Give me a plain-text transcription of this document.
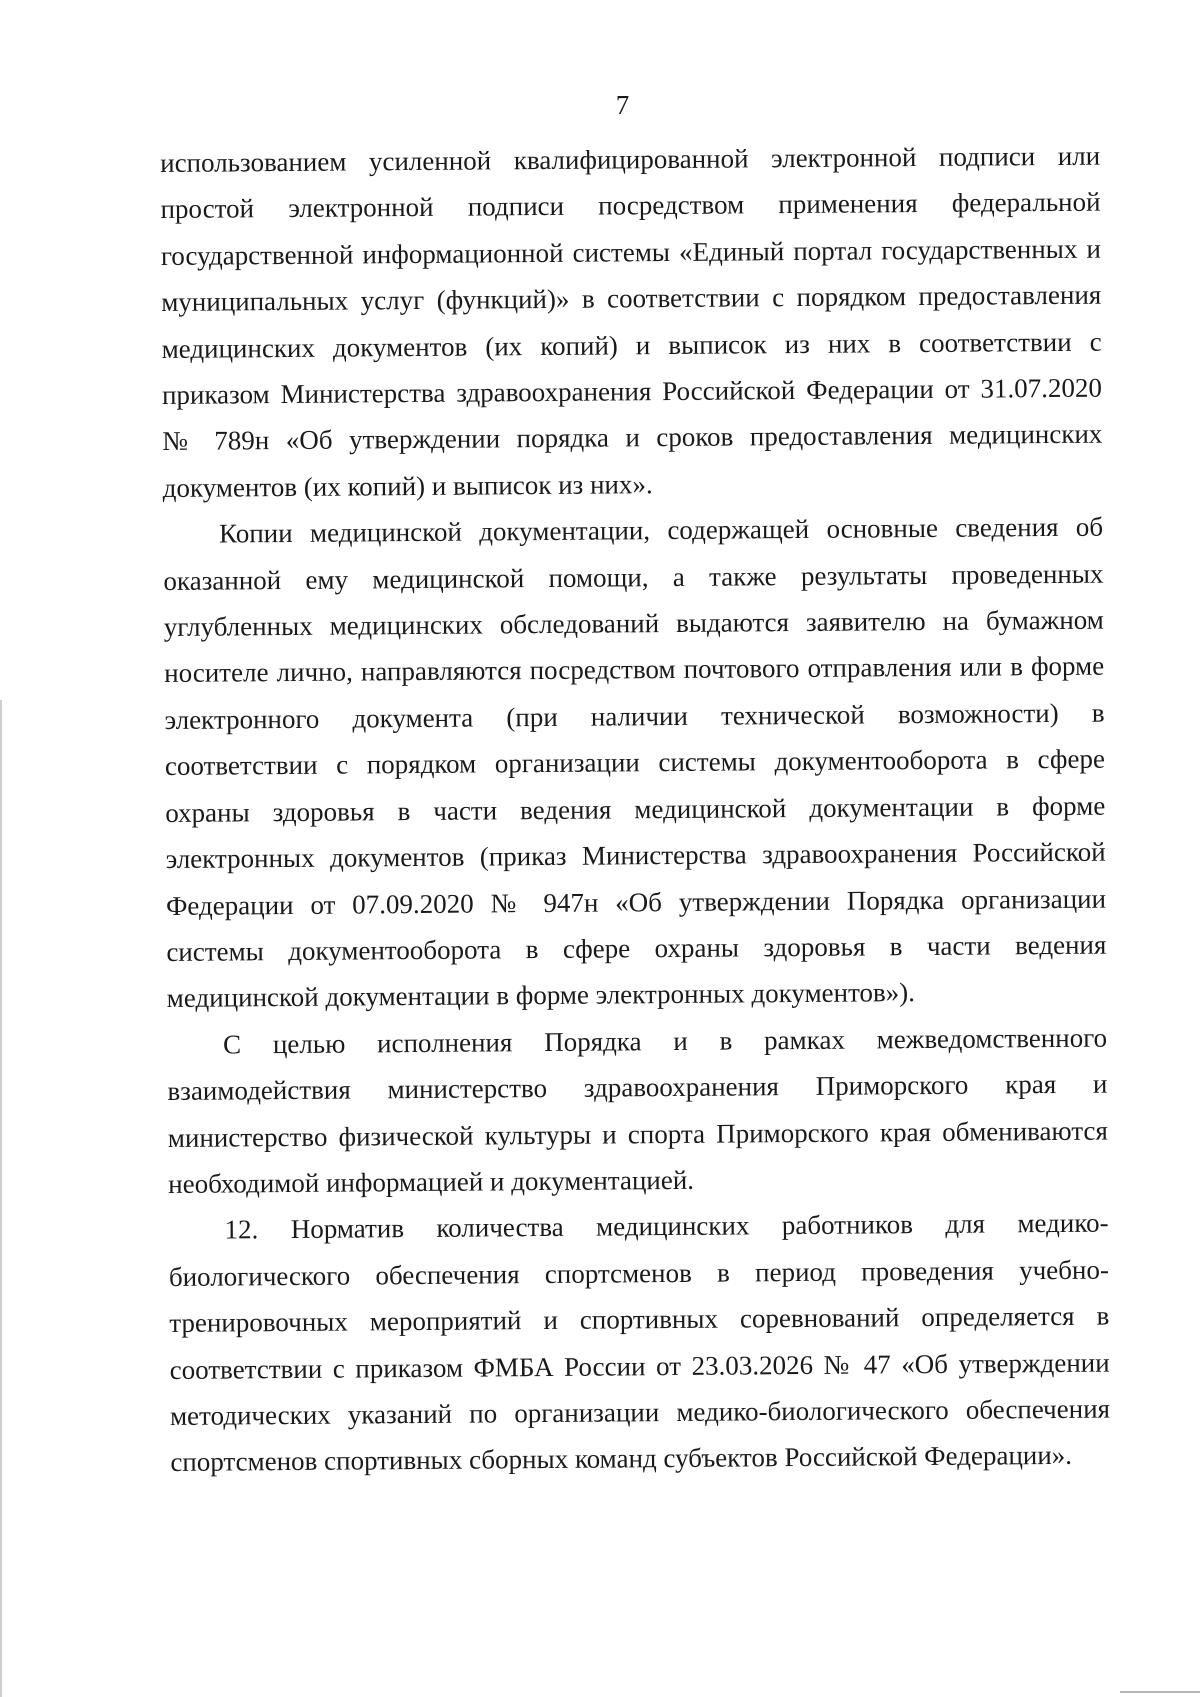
7

использованием усиленной квалифицированной электронной подписи или простой электронной подписи посредством применения федеральной государственной информационной системы «Единый портал государственных и муниципальных услуг (функций)» в соответствии с порядком предоставления медицинских документов (их копий) и выписок из них в соответствии с приказом Министерства здравоохранения Российской Федерации от 31.07.2020 № 789н «Об утверждении порядка и сроков предоставления медицинских документов (их копий) и выписок из них».

Копии медицинской документации, содержащей основные сведения об оказанной ему медицинской помощи, а также результаты проведенных углубленных медицинских обследований выдаются заявителю на бумажном носителе лично, направляются посредством почтового отправления или в форме электронного документа (при наличии технической возможности) в соответствии с порядком организации системы документооборота в сфере охраны здоровья в части ведения медицинской документации в форме электронных документов (приказ Министерства здравоохранения Российской Федерации от 07.09.2020 № 947н «Об утверждении Порядка организации системы документооборота в сфере охраны здоровья в части ведения медицинской документации в форме электронных документов»).

С целью исполнения Порядка и в рамках межведомственного взаимодействия министерство здравоохранения Приморского края и министерство физической культуры и спорта Приморского края обмениваются необходимой информацией и документацией.

12. Норматив количества медицинских работников для медико-биологического обеспечения спортсменов в период проведения учебно-тренировочных мероприятий и спортивных соревнований определяется в соответствии с приказом ФМБА России от 23.03.2026 № 47 «Об утверждении методических указаний по организации медико-биологического обеспечения спортсменов спортивных сборных команд субъектов Российской Федерации».
